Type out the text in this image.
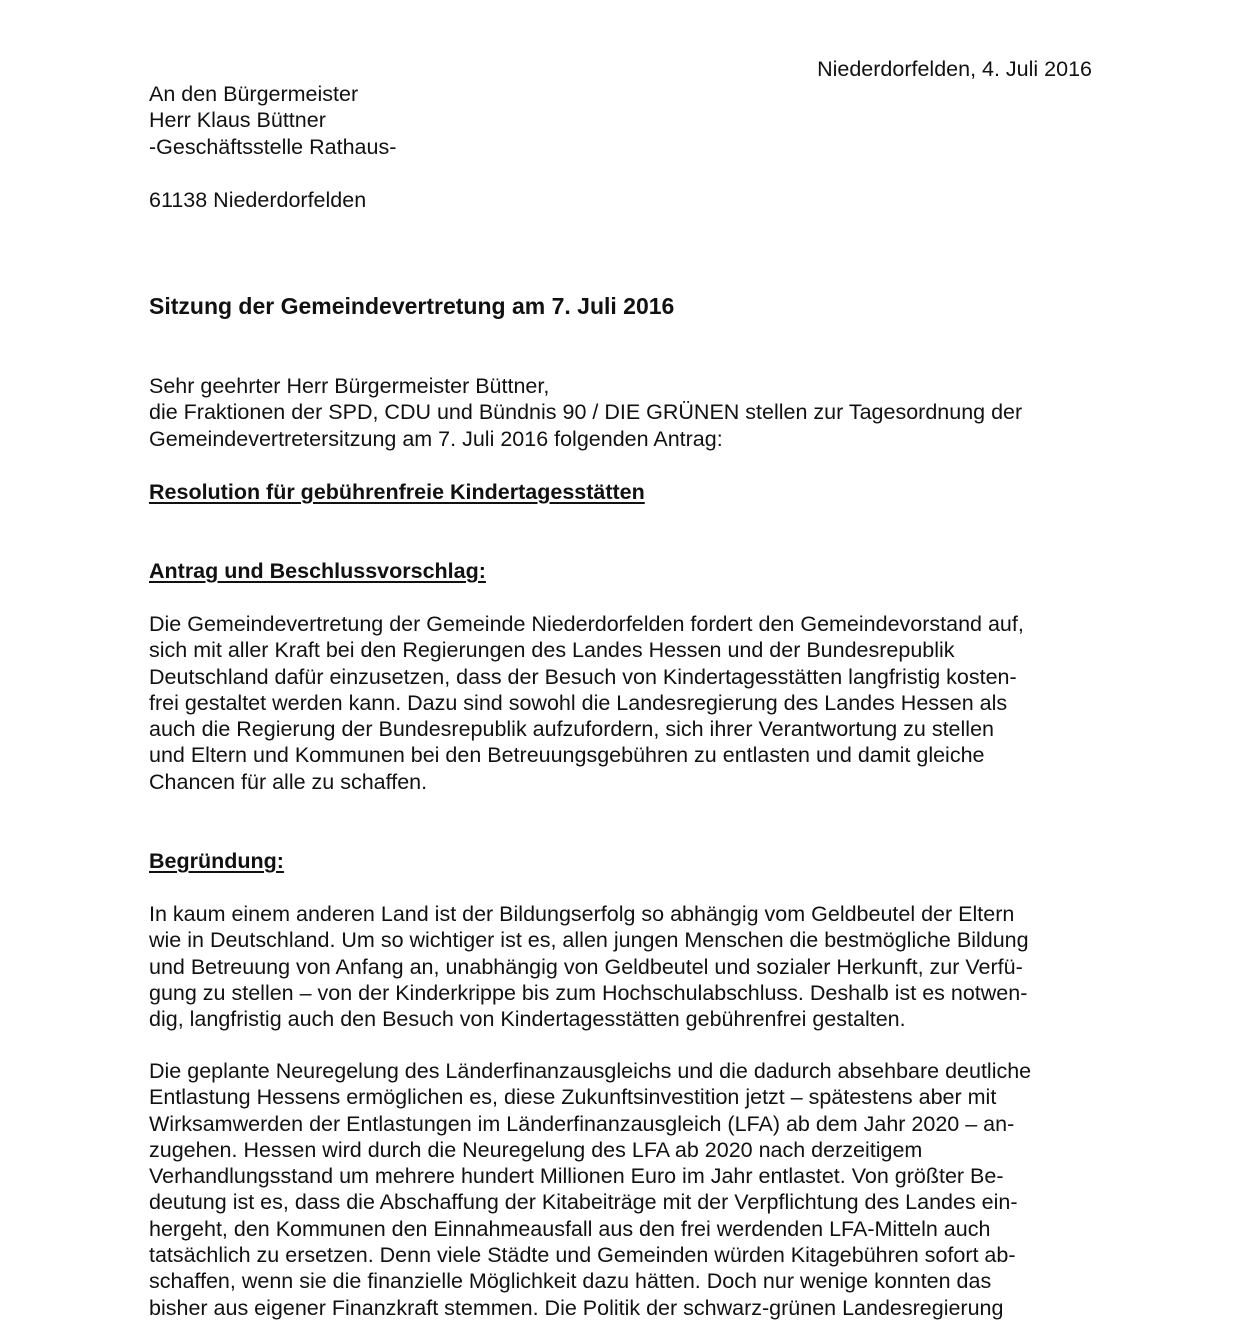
Niederdorfelden, 4. Juli 2016
An den Bürgermeister
Herr Klaus Büttner
-Geschäftsstelle Rathaus-
61138 Niederdorfelden
Sitzung der Gemeindevertretung am 7. Juli 2016
Sehr geehrter Herr Bürgermeister Büttner,
die Fraktionen der SPD, CDU und Bündnis 90 / DIE GRÜNEN stellen zur Tagesordnung der
Gemeindevertretersitzung am 7. Juli 2016 folgenden Antrag:
Resolution für gebührenfreie Kindertagesstätten
Antrag und Beschlussvorschlag:
Die Gemeindevertretung der Gemeinde Niederdorfelden fordert den Gemeindevorstand auf,
sich mit aller Kraft bei den Regierungen des Landes Hessen und der Bundesrepublik
Deutschland dafür einzusetzen, dass der Besuch von Kindertagesstätten langfristig kosten-
frei gestaltet werden kann. Dazu sind sowohl die Landesregierung des Landes Hessen als
auch die Regierung der Bundesrepublik aufzufordern, sich ihrer Verantwortung zu stellen
und Eltern und Kommunen bei den Betreuungsgebühren zu entlasten und damit gleiche
Chancen für alle zu schaffen.
Begründung:
In kaum einem anderen Land ist der Bildungserfolg so abhängig vom Geldbeutel der Eltern
wie in Deutschland. Um so wichtiger ist es, allen jungen Menschen die bestmögliche Bildung
und Betreuung von Anfang an, unabhängig von Geldbeutel und sozialer Herkunft, zur Verfü-
gung zu stellen – von der Kinderkrippe bis zum Hochschulabschluss. Deshalb ist es notwen-
dig, langfristig auch den Besuch von Kindertagesstätten gebührenfrei gestalten.
Die geplante Neuregelung des Länderfinanzausgleichs und die dadurch absehbare deutliche
Entlastung Hessens ermöglichen es, diese Zukunftsinvestition jetzt – spätestens aber mit
Wirksamwerden der Entlastungen im Länderfinanzausgleich (LFA) ab dem Jahr 2020 – an-
zugehen. Hessen wird durch die Neuregelung des LFA ab 2020 nach derzeitigem
Verhandlungsstand um mehrere hundert Millionen Euro im Jahr entlastet. Von größter Be-
deutung ist es, dass die Abschaffung der Kitabeiträge mit der Verpflichtung des Landes ein-
hergeht, den Kommunen den Einnahmeausfall aus den frei werdenden LFA-Mitteln auch
tatsächlich zu ersetzen. Denn viele Städte und Gemeinden würden Kitagebühren sofort ab-
schaffen, wenn sie die finanzielle Möglichkeit dazu hätten. Doch nur wenige konnten das
bisher aus eigener Finanzkraft stemmen. Die Politik der schwarz-grünen Landesregierung
